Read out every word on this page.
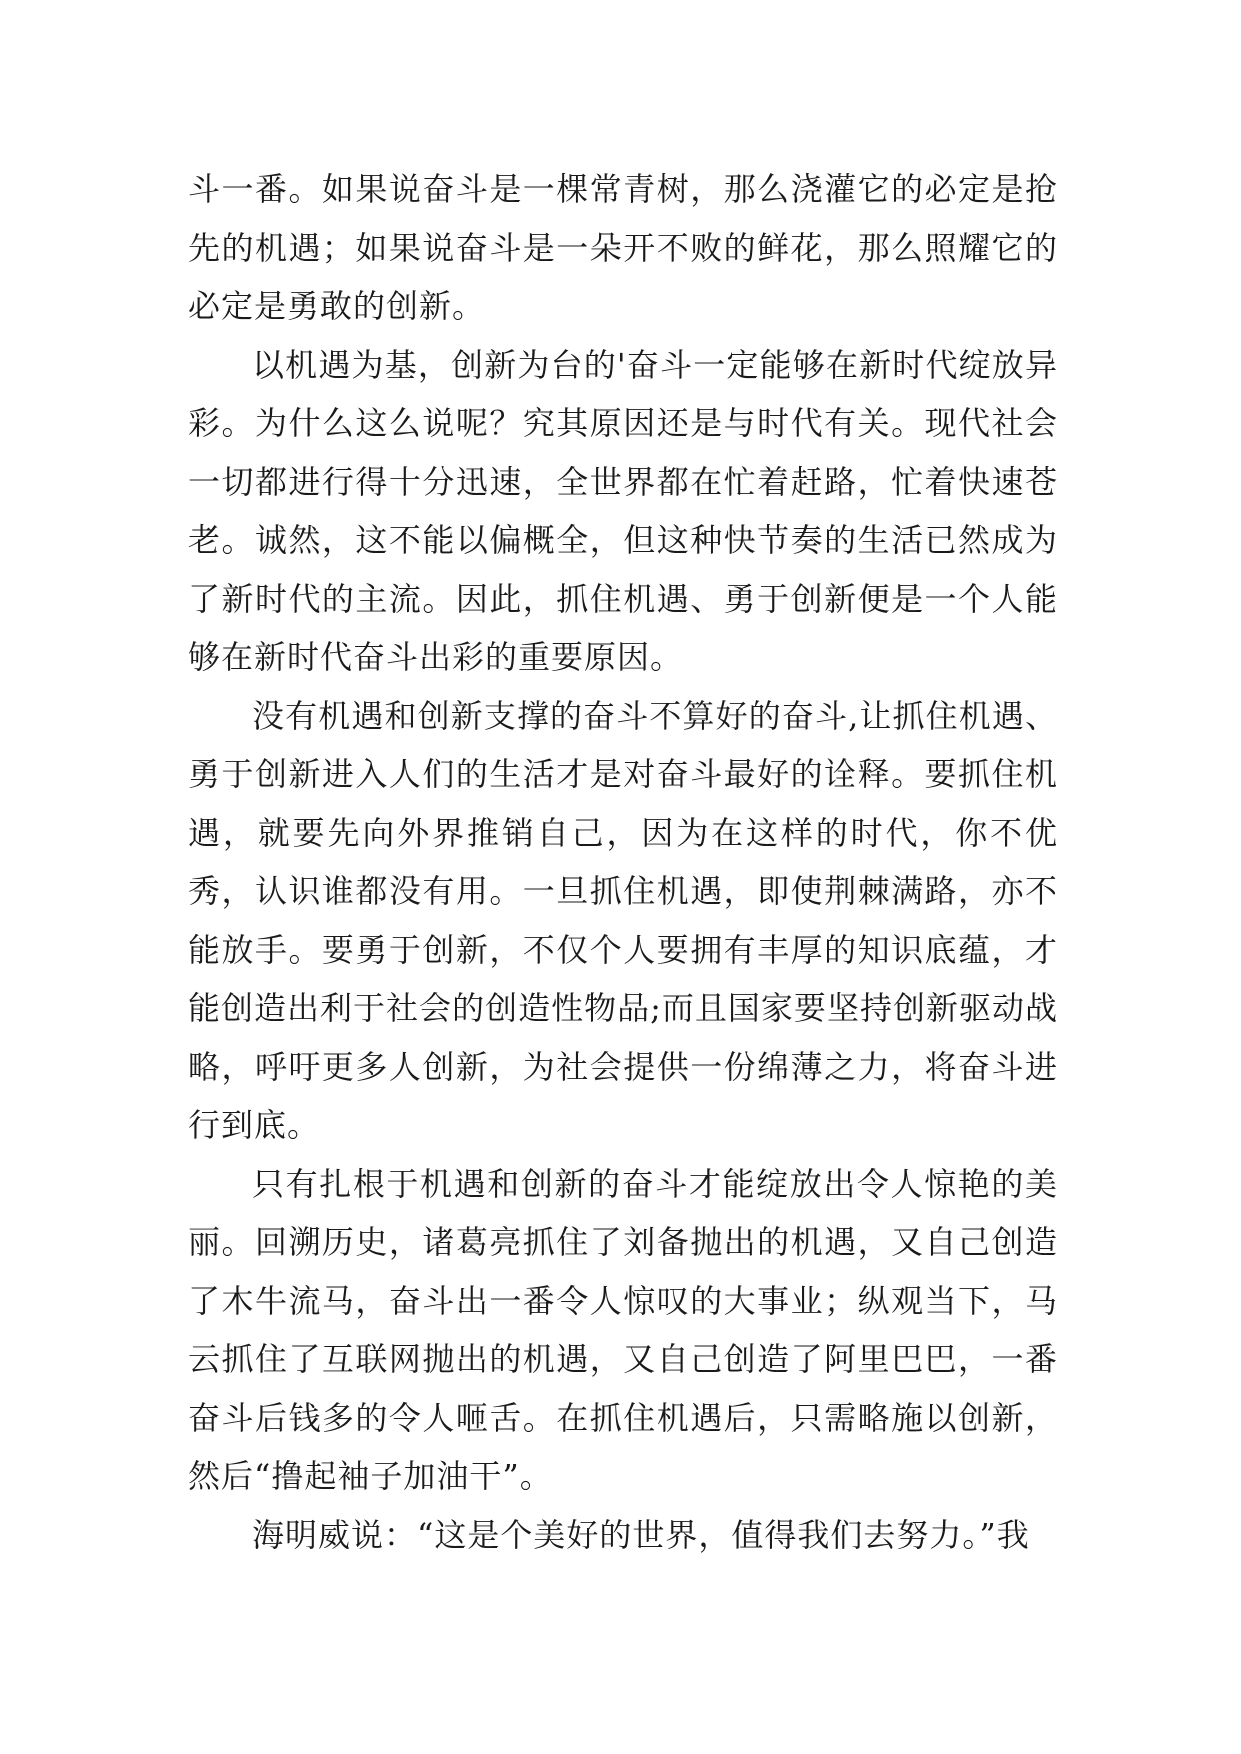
斗一番。如果说奋斗是一棵常青树，那么浇灌它的必定是抢先的机遇；如果说奋斗是一朵开不败的鲜花，那么照耀它的必定是勇敢的创新。

以机遇为基，创新为台的'奋斗一定能够在新时代绽放异彩。为什么这么说呢？究其原因还是与时代有关。现代社会一切都进行得十分迅速，全世界都在忙着赶路，忙着快速苍老。诚然，这不能以偏概全，但这种快节奏的生活已然成为了新时代的主流。因此，抓住机遇、勇于创新便是一个人能够在新时代奋斗出彩的重要原因。

没有机遇和创新支撑的奋斗不算好的奋斗,让抓住机遇、勇于创新进入人们的生活才是对奋斗最好的诠释。要抓住机遇，就要先向外界推销自己，因为在这样的时代，你不优秀，认识谁都没有用。一旦抓住机遇，即使荆棘满路，亦不能放手。要勇于创新，不仅个人要拥有丰厚的知识底蕴，才能创造出利于社会的创造性物品;而且国家要坚持创新驱动战略，呼吁更多人创新，为社会提供一份绵薄之力，将奋斗进行到底。

只有扎根于机遇和创新的奋斗才能绽放出令人惊艳的美丽。回溯历史，诸葛亮抓住了刘备抛出的机遇，又自己创造了木牛流马，奋斗出一番令人惊叹的大事业；纵观当下，马云抓住了互联网抛出的机遇，又自己创造了阿里巴巴，一番奋斗后钱多的令人咂舌。在抓住机遇后，只需略施以创新，然后“撸起袖子加油干”。

海明威说：“这是个美好的世界，值得我们去努力。”我
